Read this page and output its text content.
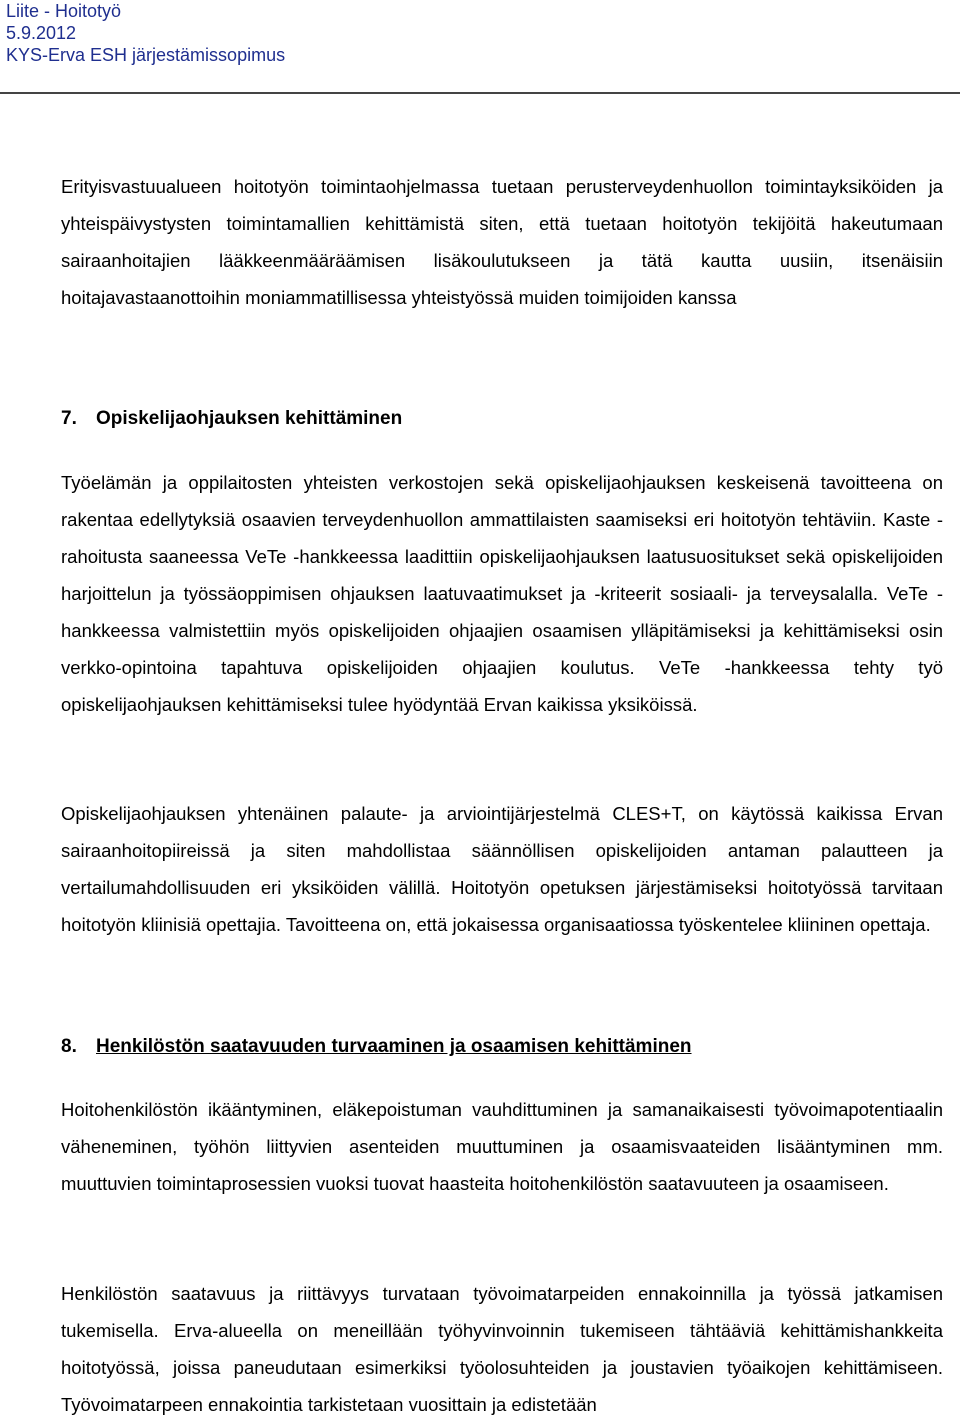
Liite - Hoitotyö
5.9.2012
KYS-Erva ESH järjestämissopimus

Erityisvastuualueen hoitotyön toimintaohjelmassa tuetaan perusterveydenhuollon toimintayksiköiden ja yhteispäivystysten toimintamallien kehittämistä siten, että tuetaan hoitotyön tekijöitä hakeutumaan sairaanhoitajien lääkkeenmääräämisen lisäkoulutukseen ja tätä kautta uusiin, itsenäisiin hoitajavastaanottoihin moniammatillisessa yhteistyössä muiden toimijoiden kanssa

7. Opiskelijaohjauksen kehittäminen

Työelämän ja oppilaitosten yhteisten verkostojen sekä opiskelijaohjauksen keskeisenä tavoitteena on rakentaa edellytyksiä osaavien terveydenhuollon ammattilaisten saamiseksi eri hoitotyön tehtäviin. Kaste -rahoitusta saaneessa VeTe -hankkeessa laadittiin opiskelijaohjauksen laatusuositukset sekä opiskelijoiden harjoittelun ja työssäoppimisen ohjauksen laatuvaatimukset ja -kriteerit sosiaali- ja terveysalalla. VeTe -hankkeessa valmistettiin myös opiskelijoiden ohjaajien osaamisen ylläpitämiseksi ja kehittämiseksi osin verkko-opintoina tapahtuva opiskelijoiden ohjaajien koulutus. VeTe -hankkeessa tehty työ opiskelijaohjauksen kehittämiseksi tulee hyödyntää Ervan kaikissa yksiköissä.

Opiskelijaohjauksen yhtenäinen palaute- ja arviointijärjestelmä CLES+T, on käytössä kaikissa Ervan sairaanhoitopiireissä ja siten mahdollistaa säännöllisen opiskelijoiden antaman palautteen ja vertailumahdollisuuden eri yksiköiden välillä. Hoitotyön opetuksen järjestämiseksi hoitotyössä tarvitaan hoitotyön kliinisiä opettajia. Tavoitteena on, että jokaisessa organisaatiossa työskentelee kliininen opettaja.

8. Henkilöstön saatavuuden turvaaminen ja osaamisen kehittäminen

Hoitohenkilöstön ikääntyminen, eläkepoistuman vauhdittuminen ja samanaikaisesti työvoimapotentiaalin väheneminen, työhön liittyvien asenteiden muuttuminen ja osaamisvaateiden lisääntyminen mm. muuttuvien toimintaprosessien vuoksi tuovat haasteita hoitohenkilöstön saatavuuteen ja osaamiseen.

Henkilöstön saatavuus ja riittävyys turvataan työvoimatarpeiden ennakoinnilla ja työssä jatkamisen tukemisella. Erva-alueella on meneillään työhyvinvoinnin tukemiseen tähtääviä kehittämishankkeita hoitotyössä, joissa paneudutaan esimerkiksi työolosuhteiden ja joustavien työaikojen kehittämiseen. Työvoimatarpeen ennakointia tarkistetaan vuosittain ja edistetään
